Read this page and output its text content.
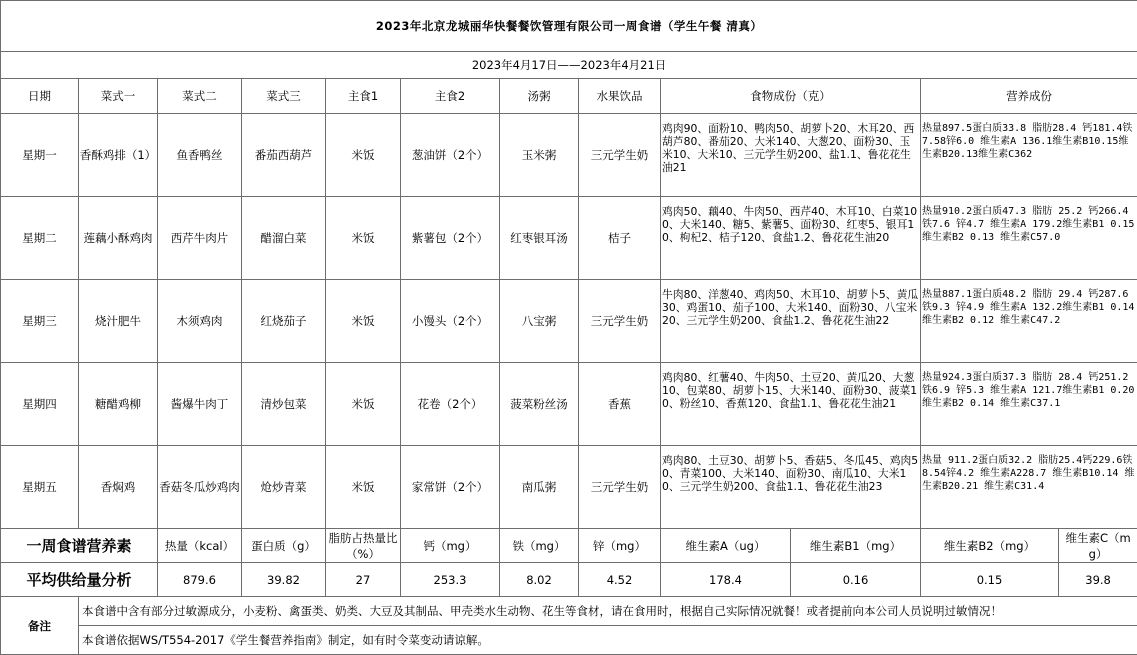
2023年北京龙城丽华快餐餐饮管理有限公司一周食谱（学生午餐 清真）											
2023年4月17日——2023年4月21日											
日期	菜式一	菜式二	菜式三	主食1	主食2	汤粥	水果饮品	食物成份（克）		营养成份	
星期一	香酥鸡排（1）	鱼香鸭丝	番茄西葫芦	米饭	葱油饼（2个）	玉米粥	三元学生奶	鸡肉90、面粉10、鸭肉50、胡萝卜20、木耳20、西葫芦80、番茄20、大米140、大葱20、面粉30、玉米10、大米10、三元学生奶200、盐1.1、鲁花花生油21		热量897.5蛋白质33.8 脂肪28.4 钙181.4铁7.58锌6.0 维生素A 136.1维生素B10.15维生素B20.13维生素C362	
星期二	莲藕小酥鸡肉	西芹牛肉片	醋溜白菜	米饭	紫薯包（2个）	红枣银耳汤	桔子	鸡肉50、藕40、牛肉50、西芹40、木耳10、白菜100、大米140、糖5、紫薯5、面粉30、红枣5、银耳10、枸杞2、桔子120、食盐1.2、鲁花花生油20		热量910.2蛋白质47.3 脂肪 25.2 钙266.4 铁7.6 锌4.7 维生素A 179.2维生素B1 0.15 维生素B2 0.13 维生素C57.0	
星期三	烧汁肥牛	木须鸡肉	红烧茄子	米饭	小馒头（2个）	八宝粥	三元学生奶	牛肉80、洋葱40、鸡肉50、木耳10、胡萝卜5、黄瓜30、鸡蛋10、茄子100、大米140、面粉30、八宝米20、三元学生奶200、食盐1.2、鲁花花生油22		热量887.1蛋白质48.2 脂肪 29.4 钙287.6 铁9.3 锌4.9 维生素A 132.2维生素B1 0.14 维生素B2 0.12 维生素C47.2	
星期四	糖醋鸡柳	酱爆牛肉丁	清炒包菜	米饭	花卷（2个）	菠菜粉丝汤	香蕉	鸡肉80、红薯40、牛肉50、土豆20、黄瓜20、大葱10、包菜80、胡萝卜15、大米140、面粉30、菠菜10、粉丝10、香蕉120、食盐1.1、鲁花花生油21		热量924.3蛋白质37.3 脂肪 28.4 钙251.2 铁6.9 锌5.3 维生素A 121.7维生素B1 0.20 维生素B2 0.14 维生素C37.1	
星期五	香焖鸡	香菇冬瓜炒鸡肉	炝炒青菜	米饭	家常饼（2个）	南瓜粥	三元学生奶	鸡肉80、土豆30、胡萝卜5、香菇5、冬瓜45、鸡肉50、青菜100、大米140、面粉30、南瓜10、大米10、三元学生奶200、食盐1.1、鲁花花生油23		热量 911.2蛋白质32.2 脂肪25.4钙229.6铁8.54锌4.2 维生素A228.7 维生素B10.14 维生素B20.21 维生素C31.4	
一周食谱营养素		热量（kcal）	蛋白质（g）	脂肪占热量比（%）	钙（mg）	铁（mg）	锌（mg）	维生素A（ug）	维生素B1（mg）	维生素B2（mg）	维生素C（mg）
平均供给量分析		879.6	39.82	27	253.3	8.02	4.52	178.4	0.16	0.15	39.8
备注	本食谱中含有部分过敏源成分，小麦粉、禽蛋类、奶类、大豆及其制品、甲壳类水生动物、花生等食材，请在食用时，根据自己实际情况就餐！或者提前向本公司人员说明过敏情况！										
	本食谱依据WS/T554-2017《学生餐营养指南》制定，如有时令菜变动请谅解。										
